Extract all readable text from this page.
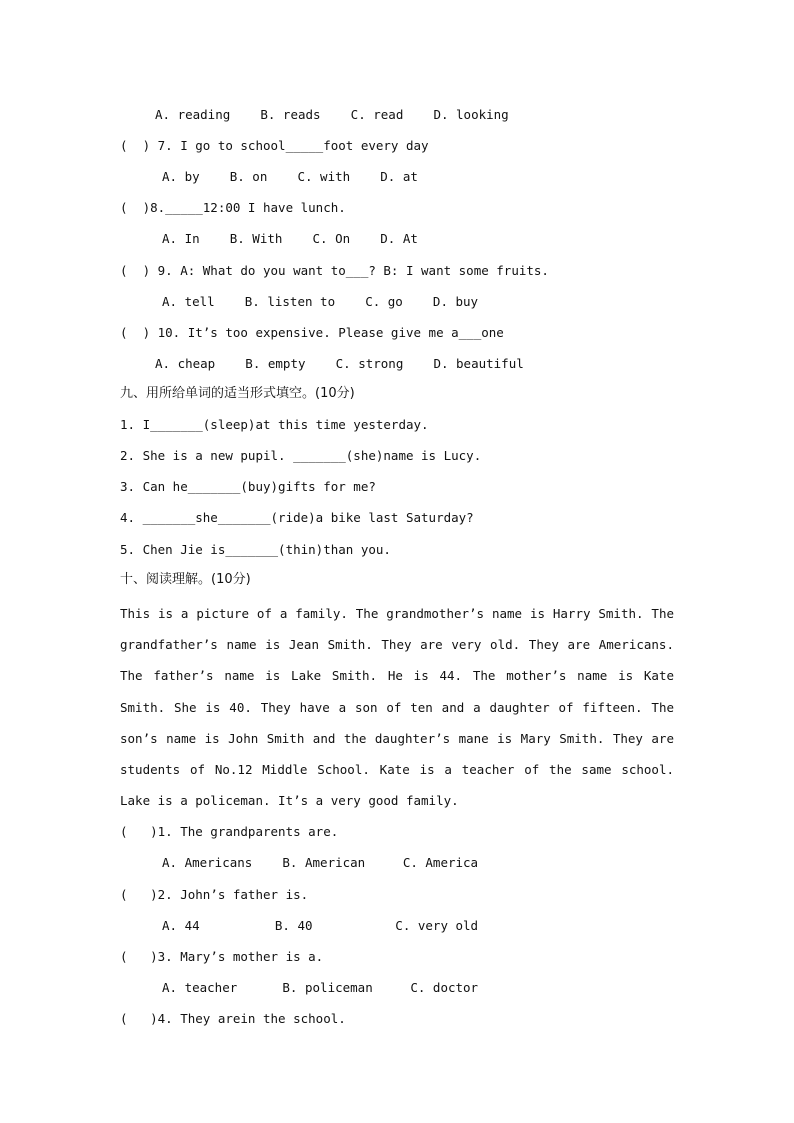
A. reading    B. reads    C. read    D. looking
(  ) 7. I go to school_____foot every day
A. by    B. on    C. with    D. at
(  )8._____12:00 I have lunch.
A. In    B. With    C. On    D. At
(  ) 9. A: What do you want to___? B: I want some fruits.
A. tell    B. listen to    C. go    D. buy
(  ) 10. It’s too expensive. Please give me a___one
A. cheap    B. empty    C. strong    D. beautiful
九、用所给单词的适当形式填空。(10分)
1. I_______(sleep)at this time yesterday.
2. She is a new pupil. _______(she)name is Lucy.
3. Can he_______(buy)gifts for me?
4. _______she_______(ride)a bike last Saturday?
5. Chen Jie is_______(thin)than you.
十、阅读理解。(10分)
This is a picture of a family. The grandmother’s name is Harry Smith. The grandfather’s name is Jean Smith. They are very old. They are Americans. The father’s name is Lake Smith. He is 44. The mother’s name is Kate Smith. She is 40. They have a son of ten and a daughter of fifteen. The son’s name is John Smith and the daughter’s mane is Mary Smith. They are students of No.12 Middle School. Kate is a teacher of the same school. Lake is a policeman. It’s a very good family.
(   )1. The grandparents are.
A. Americans    B. American     C. America
(   )2. John’s father is.
A. 44          B. 40           C. very old
(   )3. Mary’s mother is a.
A. teacher      B. policeman     C. doctor
(   )4. They arein the school.
